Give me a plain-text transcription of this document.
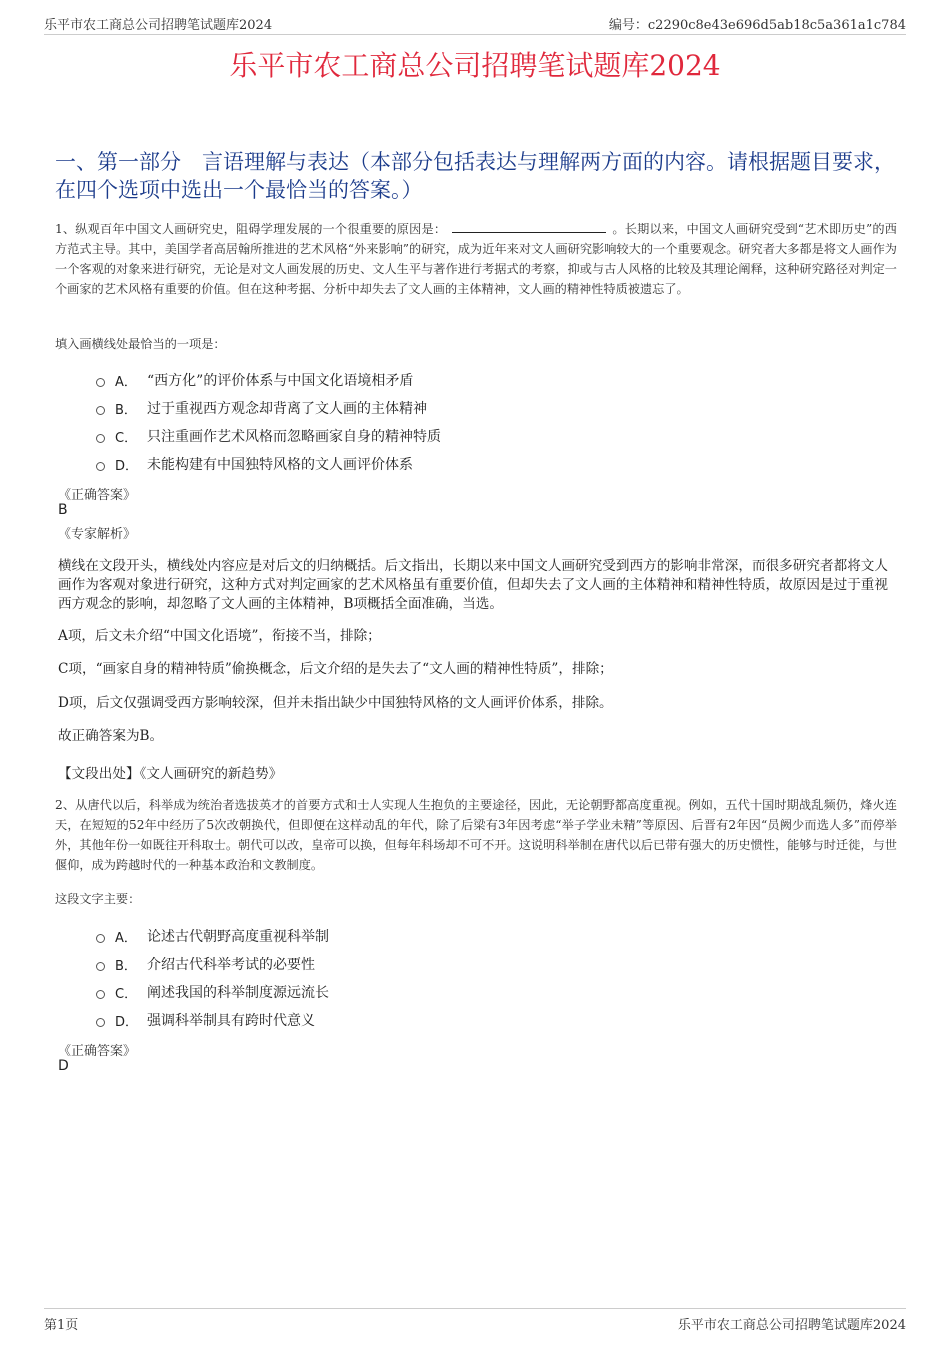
乐平市农工商总公司招聘笔试题库2024	编号：c2290c8e43e696d5ab18c5a361a1c784
乐平市农工商总公司招聘笔试题库2024
一、第一部分　言语理解与表达（本部分包括表达与理解两方面的内容。请根据题目要求，在四个选项中选出一个最恰当的答案。）
1、纵观百年中国文人画研究史，阻碍学理发展的一个很重要的原因是：	。长期以来，中国文人画研究受到“艺术即历史”的西方范式主导。其中，美国学者高居翰所推进的艺术风格“外来影响”的研究，成为近年来对文人画研究影响较大的一个重要观念。研究者大多都是将文人画作为一个客观的对象来进行研究，无论是对文人画发展的历史、文人生平与著作进行考据式的考察，抑或与古人风格的比较及其理论阐释，这种研究路径对判定一个画家的艺术风格有重要的价值。但在这种考据、分析中却失去了文人画的主体精神，文人画的精神性特质被遗忘了。
填入画横线处最恰当的一项是：
A． “西方化”的评价体系与中国文化语境相矛盾
B． 过于重视西方观念却背离了文人画的主体精神
C． 只注重画作艺术风格而忽略画家自身的精神特质
D． 未能构建有中国独特风格的文人画评价体系
《正确答案》
B
《专家解析》
横线在文段开头，横线处内容应是对后文的归纳概括。后文指出，长期以来中国文人画研究受到西方的影响非常深，而很多研究者都将文人画作为客观对象进行研究，这种方式对判定画家的艺术风格虽有重要价值，但却失去了文人画的主体精神和精神性特质，故原因是过于重视西方观念的影响，却忽略了文人画的主体精神，B项概括全面准确，当选。
A项，后文未介绍“中国文化语境”，衔接不当，排除；
C项，“画家自身的精神特质”偷换概念，后文介绍的是失去了“文人画的精神性特质”，排除；
D项，后文仅强调受西方影响较深，但并未指出缺少中国独特风格的文人画评价体系，排除。
故正确答案为B。
【文段出处】《文人画研究的新趋势》
2、从唐代以后，科举成为统治者选拔英才的首要方式和士人实现人生抱负的主要途径，因此，无论朝野都高度重视。例如，五代十国时期战乱频仍，烽火连天，在短短的52年中经历了5次改朝换代，但即便在这样动乱的年代，除了后梁有3年因考虑“举子学业未精”等原因、后晋有2年因“员阙少而选人多”而停举外，其他年份一如既往开科取士。朝代可以改，皇帝可以换，但每年科场却不可不开。这说明科举制在唐代以后已带有强大的历史惯性，能够与时迁徙，与世偃仰，成为跨越时代的一种基本政治和文教制度。
这段文字主要：
A． 论述古代朝野高度重视科举制
B． 介绍古代科举考试的必要性
C． 阐述我国的科举制度源远流长
D． 强调科举制具有跨时代意义
《正确答案》
D
第1页	乐平市农工商总公司招聘笔试题库2024
